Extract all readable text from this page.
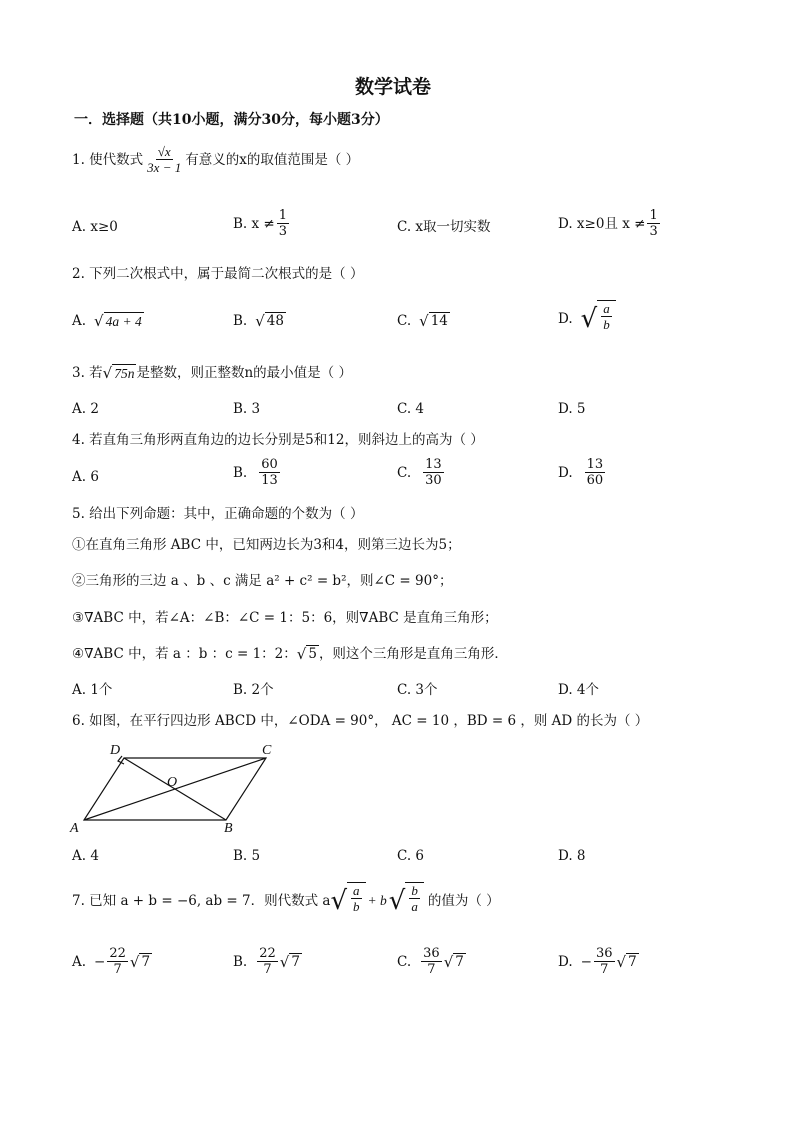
数学试卷
一．选择题（共10小题，满分30分，每小题3分）
1. 使代数式 $\frac{√x}{3x - 1}$ 有意义的x的取值范围是（ ）
A. x≥0	B. $x \ne \frac{1}{3}$	C. x取一切实数	D. x≥0且 $x \ne \frac{1}{3}$
2. 下列二次根式中，属于最简二次根式的是（ ）
A. √ 4a + 4	B. √ 48	C. √ 14	D. √ $\frac{a}{b}$
3. 若 √ 75n 是整数，则正整数n的最小值是（ ）
A. 2	B. 3	C. 4	D. 5
4. 若直角三角形两直角边的边长分别是5和12，则斜边上的高为（ ）
A. 6	B. $\frac{60}{13}$	C. $\frac{13}{30}$	D. $\frac{13}{60}$
5. 给出下列命题：其中，正确命题的个数为（ ）
①在直角三角形 ABC 中，已知两边长为3和4，则第三边长为5；
②三角形的三边 a 、b 、c 满足 a² + c² = b²，则∠C = 90°；
③∇ABC 中，若∠A：∠B：∠C = 1：5：6，则∇ABC 是直角三角形；
④∇ABC 中，若 a ：b ：c = 1：2： √ 5 ，则这个三角形是直角三角形．
A. 1个	B. 2个	C. 3个	D. 4个
6. 如图，在平行四边形 ABCD 中，∠ODA = 90°， AC = 10 ，BD = 6 ，则 AD 的长为（ ）
A	B
C
D
O
A. 4	B. 5	C. 6	D. 8
7. 已知 a + b = −6, ab = 7．则代数式 a √ $\frac{a}{b} + b$ √ $\frac{b}{a}$ 的值为（ ）
A. − $\frac{22}{7}$ √ 7	B. $\frac{22}{7}$ √ 7	C. $\frac{36}{7}$ √ 7	D. − $\frac{36}{7}$ √ 7
